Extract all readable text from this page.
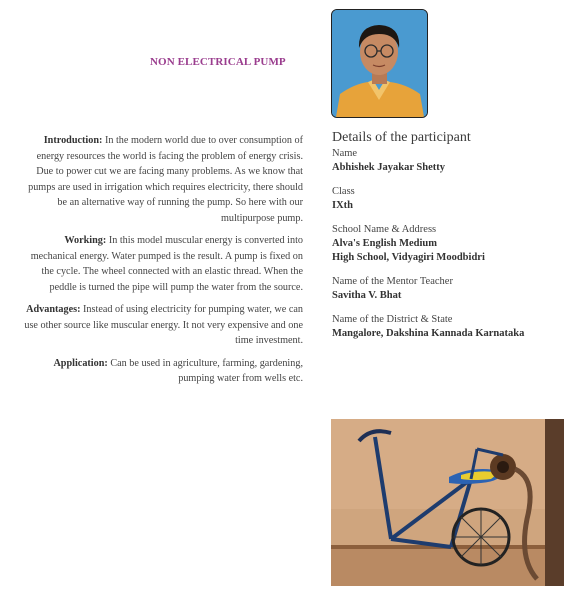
NON ELECTRICAL PUMP

Introduction: In the modern world due to over consumption of energy resources the world is facing the problem of energy crisis. Due to power cut we are facing many problems. As we know that pumps are used in irrigation which requires electricity, there should be an alternative way of running the pump. So here with our multipurpose pump.

Working: In this model muscular energy is converted into mechanical energy. Water pumped is the result. A pump is fixed on the cycle. The wheel connected with an elastic thread. When the peddle is turned the pipe will pump the water from the source.

Advantages: Instead of using electricity for pumping water, we can use other source like muscular energy. It not very expensive and one time investment.

Application: Can be used in agriculture, farming, gardening, pumping water from wells etc.

Details of the participant
Name
Abhishek Jayakar Shetty
Class
IXth
School Name & Address
Alva's English Medium
High School, Vidyagiri Moodbidri
Name of the Mentor Teacher
Savitha V. Bhat
Name of the District & State
Mangalore, Dakshina Kannada Karnataka
